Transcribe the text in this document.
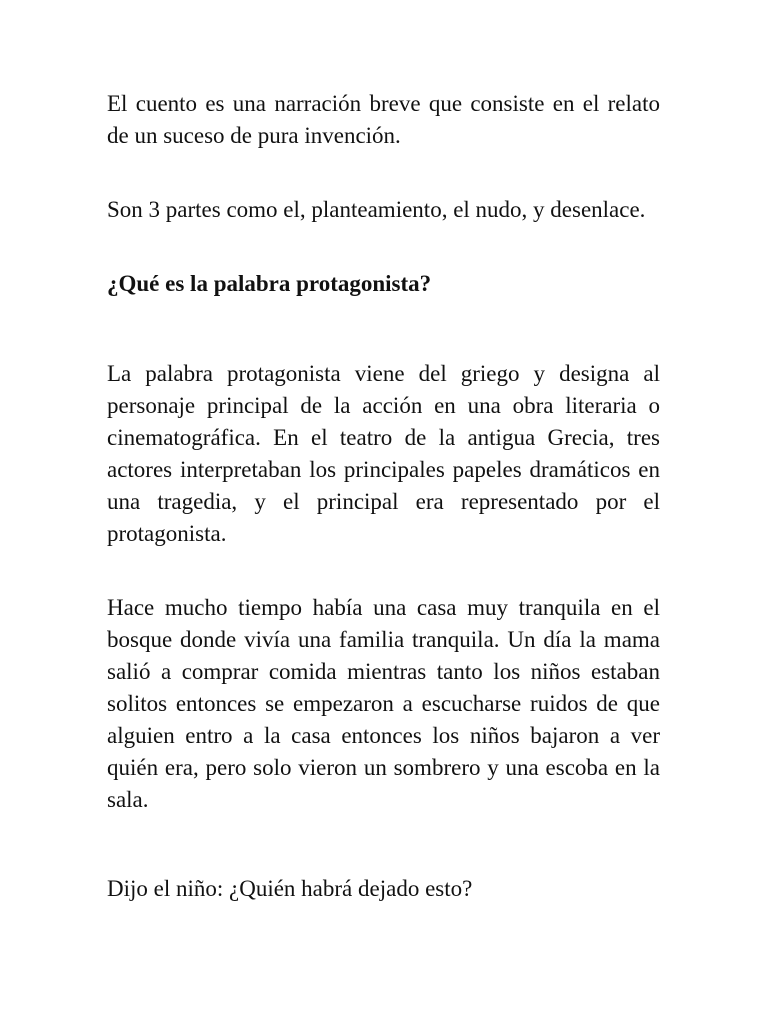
El cuento es una narración breve que consiste en el relato de un suceso de pura invención.

Son 3 partes como el, planteamiento, el nudo, y desenlace.

¿Qué es la palabra protagonista?

La palabra protagonista viene del griego y designa al personaje principal de la acción en una obra literaria o cinematográfica. En el teatro de la antigua Grecia, tres actores interpretaban los principales papeles dramáticos en una tragedia, y el principal era representado por el protagonista.

Hace mucho tiempo había una casa muy tranquila en el bosque donde vivía una familia tranquila. Un día la mama salió a comprar comida mientras tanto los niños estaban solitos entonces se empezaron a escucharse ruidos de que alguien entro a la casa entonces los niños bajaron a ver quién era, pero solo vieron un sombrero y una escoba en la sala.

Dijo el niño: ¿Quién habrá dejado esto?
